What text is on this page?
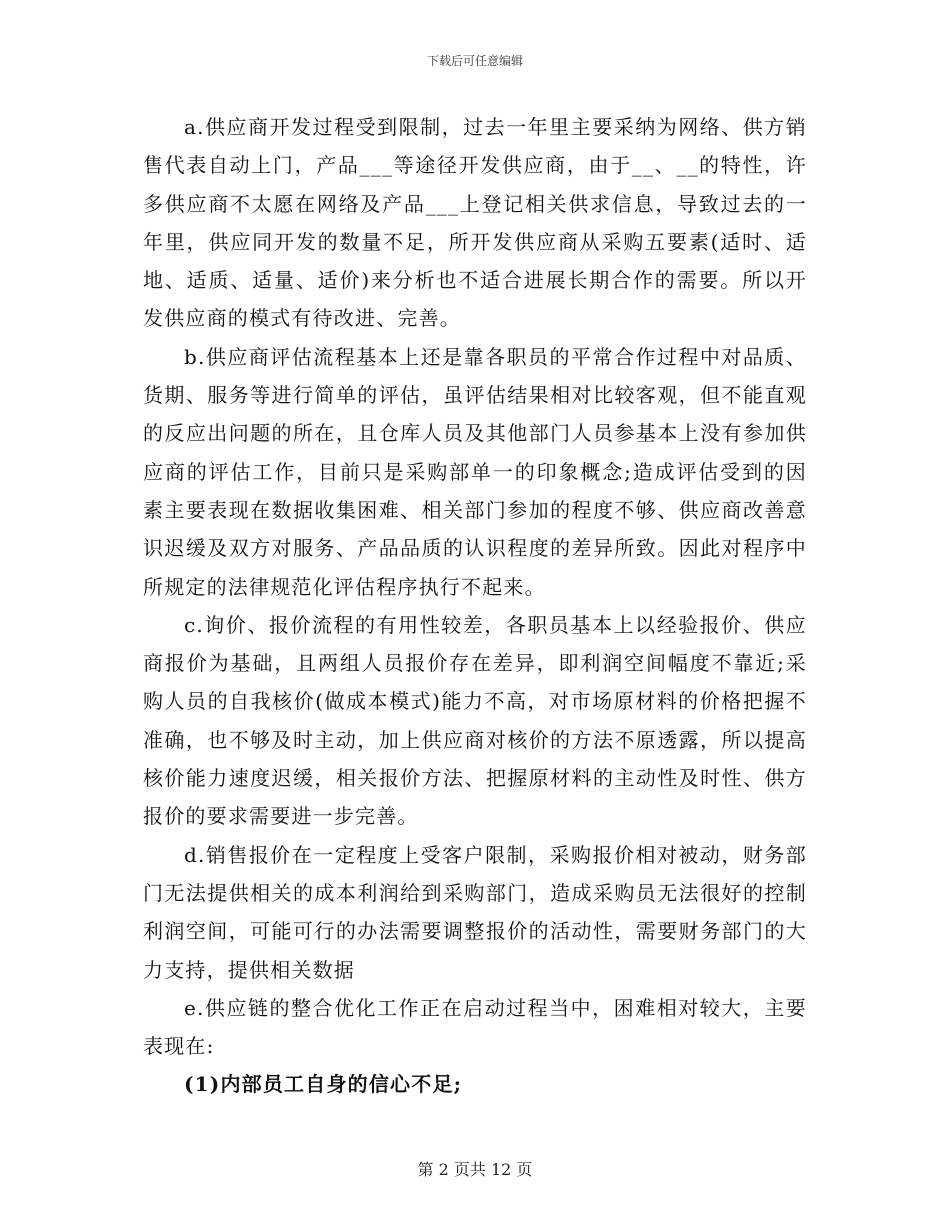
下载后可任意编辑

a.供应商开发过程受到限制，过去一年里主要采纳为网络、供方销售代表自动上门，产品___等途径开发供应商，由于__、__的特性，许多供应商不太愿在网络及产品___上登记相关供求信息，导致过去的一年里，供应同开发的数量不足，所开发供应商从采购五要素(适时、适地、适质、适量、适价)来分析也不适合进展长期合作的需要。所以开发供应商的模式有待改进、完善。

b.供应商评估流程基本上还是靠各职员的平常合作过程中对品质、货期、服务等进行简单的评估，虽评估结果相对比较客观，但不能直观的反应出问题的所在，且仓库人员及其他部门人员参基本上没有参加供应商的评估工作，目前只是采购部单一的印象概念;造成评估受到的因素主要表现在数据收集困难、相关部门参加的程度不够、供应商改善意识迟缓及双方对服务、产品品质的认识程度的差异所致。因此对程序中所规定的法律规范化评估程序执行不起来。

c.询价、报价流程的有用性较差，各职员基本上以经验报价、供应商报价为基础，且两组人员报价存在差异，即利润空间幅度不靠近;采购人员的自我核价(做成本模式)能力不高，对市场原材料的价格把握不准确，也不够及时主动，加上供应商对核价的方法不原透露，所以提高核价能力速度迟缓，相关报价方法、把握原材料的主动性及时性、供方报价的要求需要进一步完善。

d.销售报价在一定程度上受客户限制，采购报价相对被动，财务部门无法提供相关的成本利润给到采购部门，造成采购员无法很好的控制利润空间，可能可行的办法需要调整报价的活动性，需要财务部门的大力支持，提供相关数据

e.供应链的整合优化工作正在启动过程当中，困难相对较大，主要表现在:

(1)内部员工自身的信心不足;

第 2 页共 12 页
